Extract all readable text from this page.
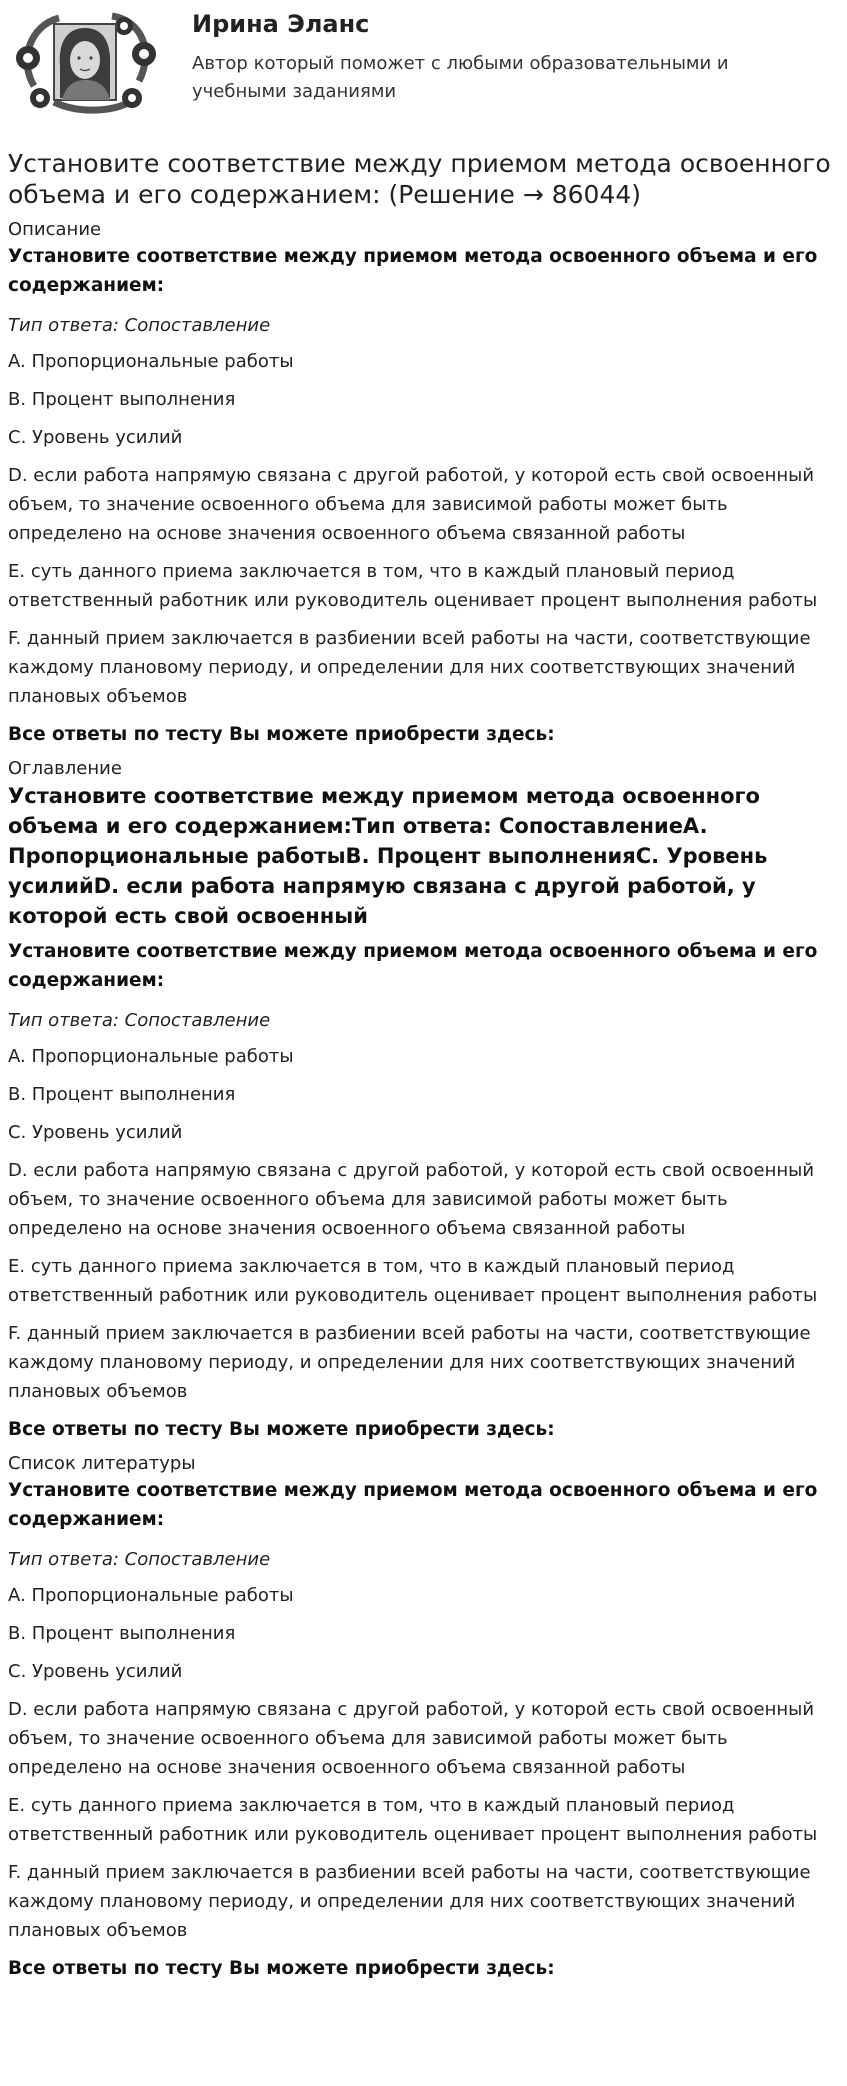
Ирина Эланс
Автор который поможет с любыми образовательными и учебными заданиями
Установите соответствие между приемом метода освоенного объема и его содержанием: (Решение → 86044)
Описание

Установите соответствие между приемом метода освоенного объема и его содержанием:

Тип ответа: Сопоставление

A. Пропорциональные работы

B. Процент выполнения

C. Уровень усилий

D. если работа напрямую связана с другой работой, у которой есть свой освоенный объем, то значение освоенного объема для зависимой работы может быть определено на основе значения освоенного объема связанной работы

E. суть данного приема заключается в том, что в каждый плановый период ответственный работник или руководитель оценивает процент выполнения работы

F. данный прием заключается в разбиении всей работы на части, соответствующие каждому плановому периоду, и определении для них соответствующих значений плановых объемов

Все ответы по тесту Вы можете приобрести здесь:

Оглавление
Установите соответствие между приемом метода освоенного объема и его содержанием:Тип ответа: СопоставлениеA. Пропорциональные работыB. Процент выполненияC. Уровень усилийD. если работа напрямую связана с другой работой, у которой есть свой освоенный

Установите соответствие между приемом метода освоенного объема и его содержанием:

Тип ответа: Сопоставление

A. Пропорциональные работы

B. Процент выполнения

C. Уровень усилий

D. если работа напрямую связана с другой работой, у которой есть свой освоенный объем, то значение освоенного объема для зависимой работы может быть определено на основе значения освоенного объема связанной работы

E. суть данного приема заключается в том, что в каждый плановый период ответственный работник или руководитель оценивает процент выполнения работы

F. данный прием заключается в разбиении всей работы на части, соответствующие каждому плановому периоду, и определении для них соответствующих значений плановых объемов

Все ответы по тесту Вы можете приобрести здесь:

Список литературы

Установите соответствие между приемом метода освоенного объема и его содержанием:

Тип ответа: Сопоставление

A. Пропорциональные работы

B. Процент выполнения

C. Уровень усилий

D. если работа напрямую связана с другой работой, у которой есть свой освоенный объем, то значение освоенного объема для зависимой работы может быть определено на основе значения освоенного объема связанной работы

E. суть данного приема заключается в том, что в каждый плановый период ответственный работник или руководитель оценивает процент выполнения работы

F. данный прием заключается в разбиении всей работы на части, соответствующие каждому плановому периоду, и определении для них соответствующих значений плановых объемов

Все ответы по тесту Вы можете приобрести здесь:
